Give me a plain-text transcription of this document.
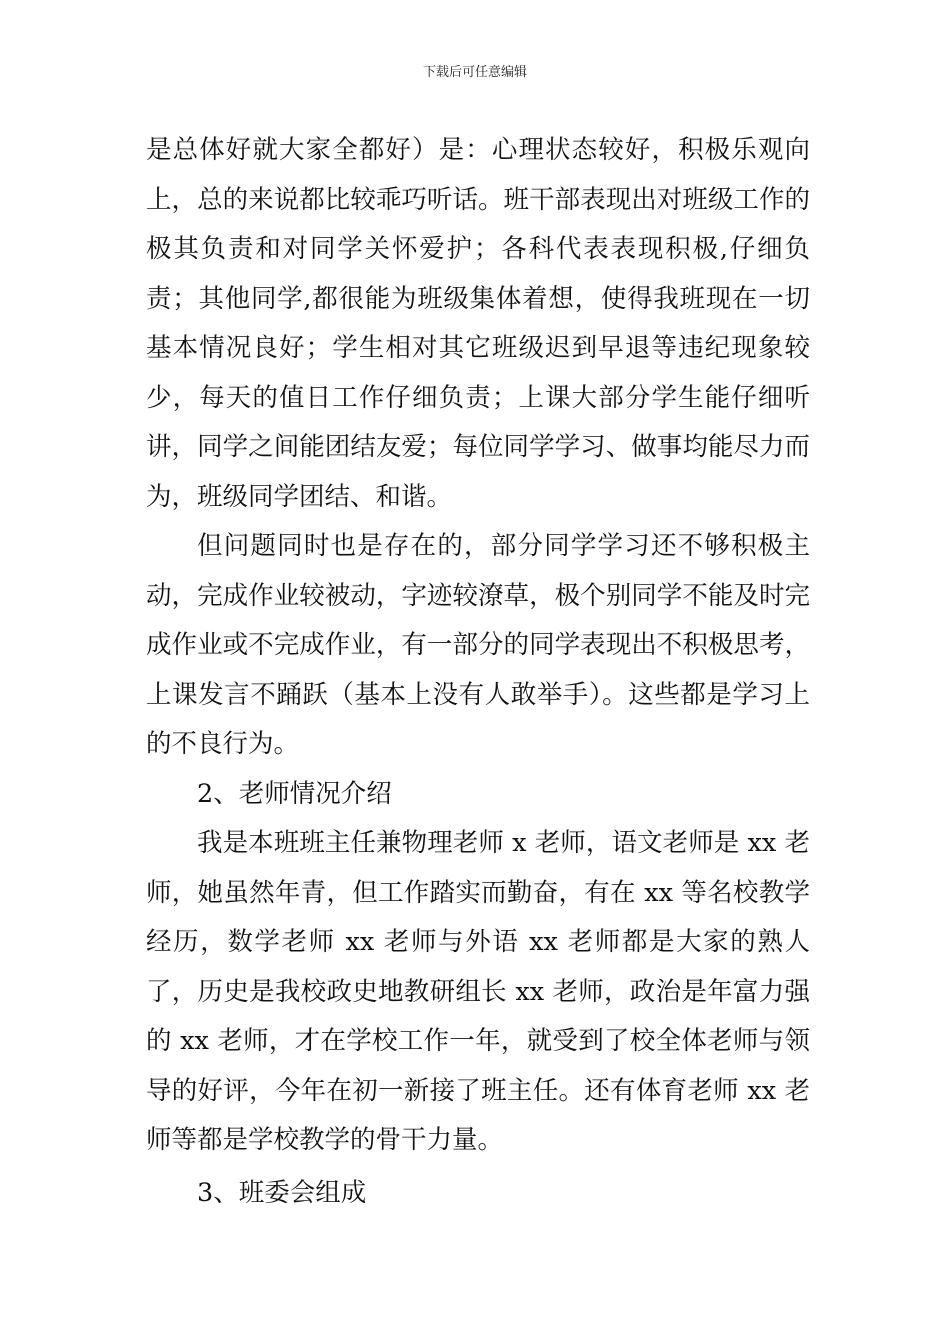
下载后可任意编辑

是总体好就大家全都好）是：心理状态较好，积极乐观向上，总的来说都比较乖巧听话。班干部表现出对班级工作的极其负责和对同学关怀爱护；各科代表表现积极,仔细负责；其他同学,都很能为班级集体着想，使得我班现在一切基本情况良好；学生相对其它班级迟到早退等违纪现象较少，每天的值日工作仔细负责；上课大部分学生能仔细听讲，同学之间能团结友爱；每位同学学习、做事均能尽力而为，班级同学团结、和谐。

但问题同时也是存在的，部分同学学习还不够积极主动，完成作业较被动，字迹较潦草，极个别同学不能及时完成作业或不完成作业，有一部分的同学表现出不积极思考，上课发言不踊跃（基本上没有人敢举手）。这些都是学习上的不良行为。

2、老师情况介绍

我是本班班主任兼物理老师 x 老师，语文老师是 xx 老师，她虽然年青，但工作踏实而勤奋，有在 xx 等名校教学经历，数学老师 xx 老师与外语 xx 老师都是大家的熟人了，历史是我校政史地教研组长 xx 老师，政治是年富力强的 xx 老师，才在学校工作一年，就受到了校全体老师与领导的好评，今年在初一新接了班主任。还有体育老师 xx 老师等都是学校教学的骨干力量。

3、班委会组成
